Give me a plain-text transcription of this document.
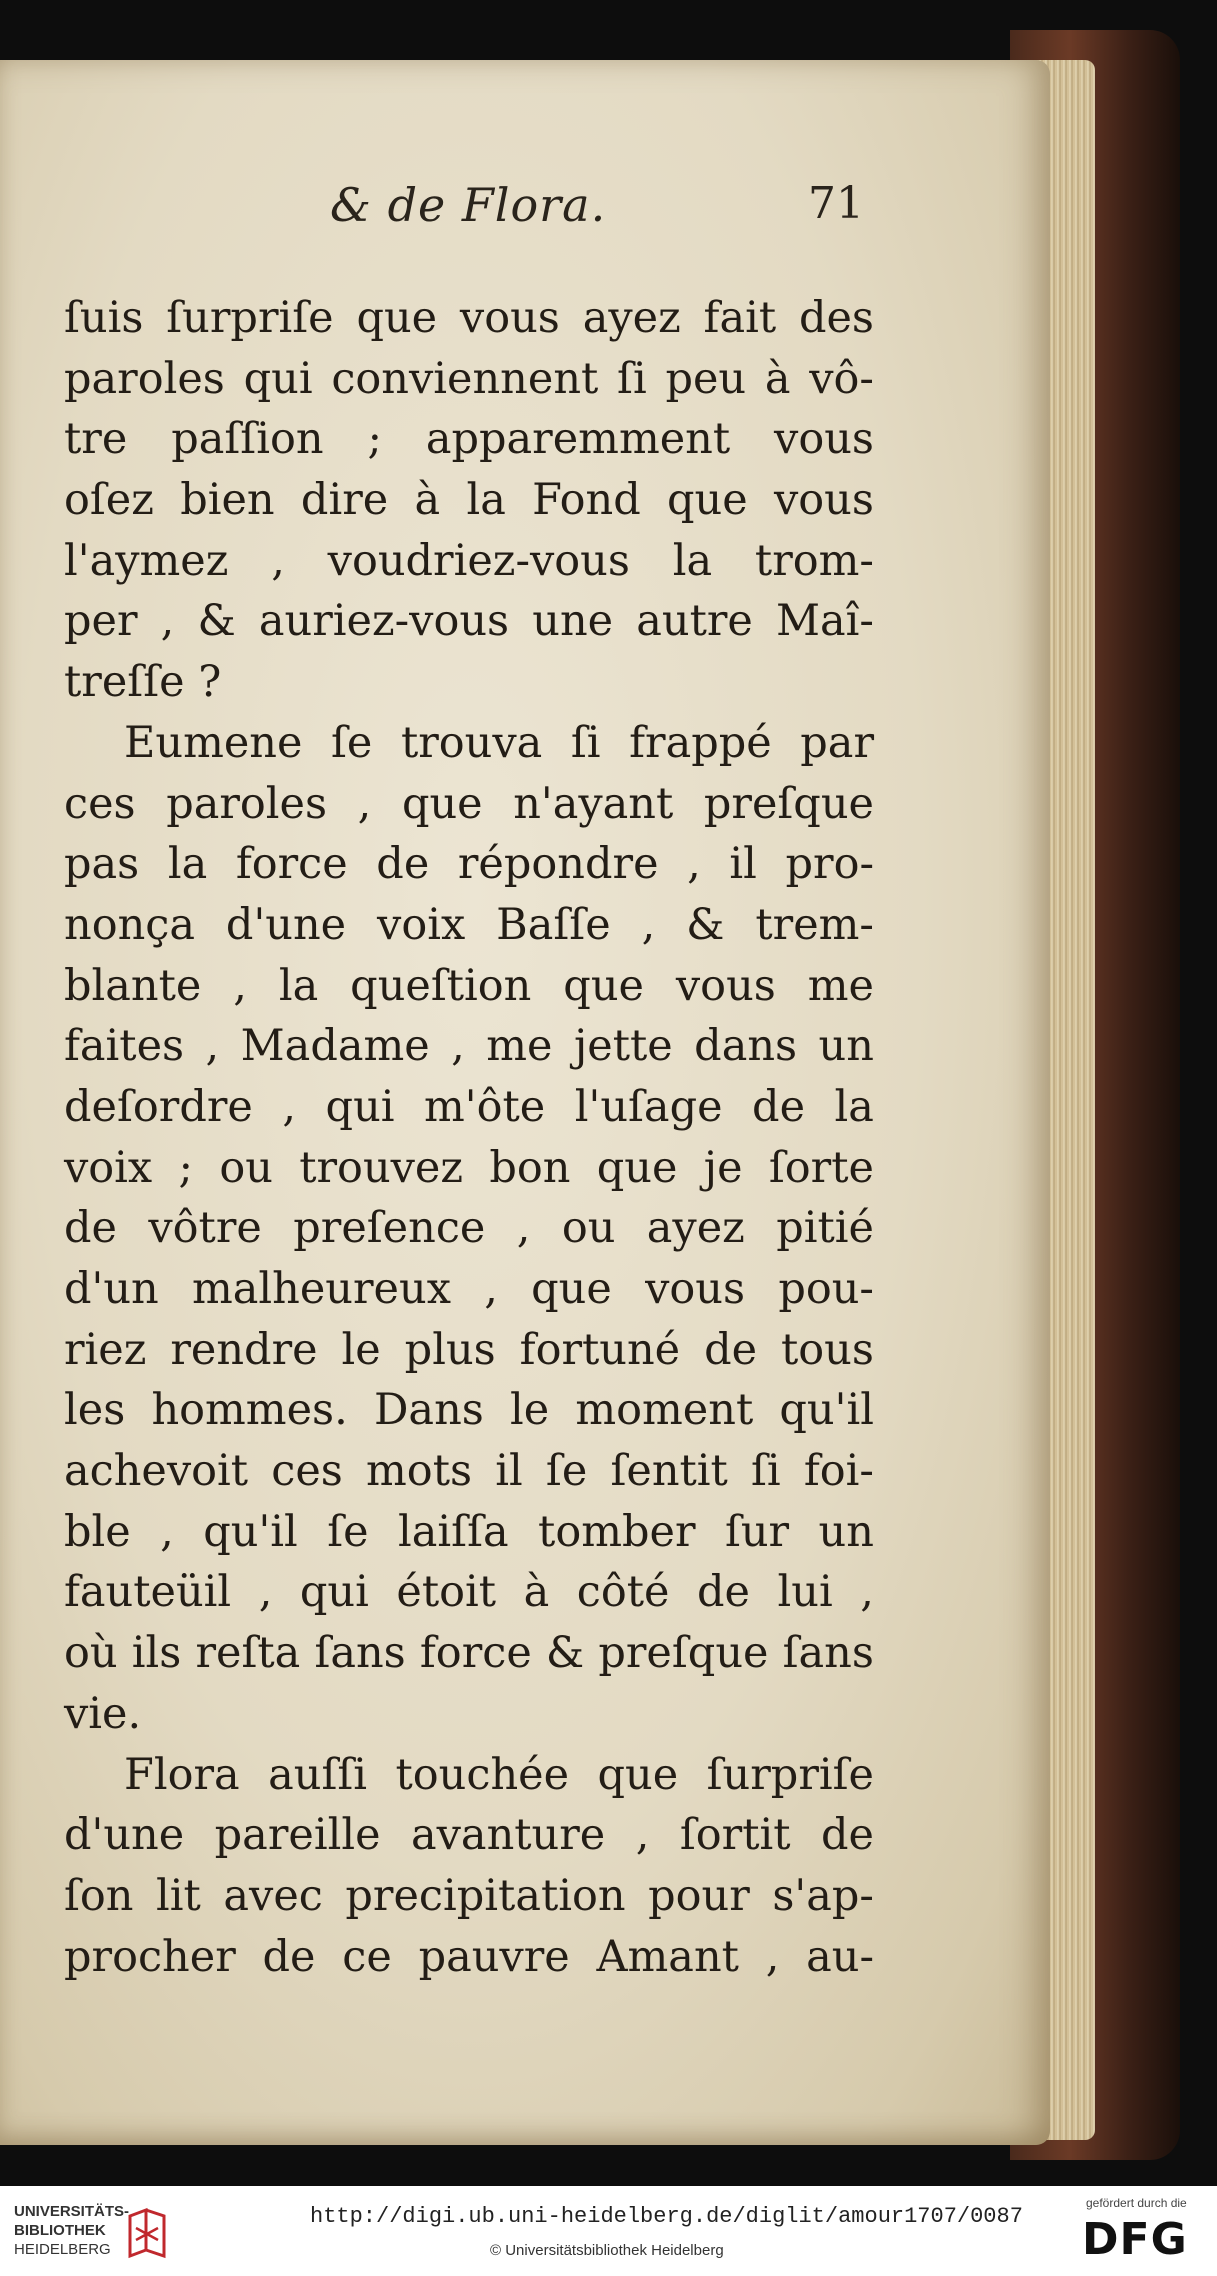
& de Flora.	71
ſuis ſurpriſe que vous ayez fait des
paroles qui conviennent ſi peu à vô-
tre paſſion ; apparemment vous
oſez bien dire à la Fond que vous
l'aymez , voudriez-vous la trom-
per , & auriez-vous une autre Maî-
treſſe ?
Eumene ſe trouva ſi frappé par
ces paroles , que n'ayant preſque
pas la force de répondre , il pro-
nonça d'une voix Baſſe , & trem-
blante , la queſtion que vous me
faites , Madame , me jette dans un
deſordre , qui m'ôte l'uſage de la
voix ; ou trouvez bon que je ſorte
de vôtre preſence , ou ayez pitié
d'un malheureux , que vous pou-
riez rendre le plus fortuné de tous
les hommes. Dans le moment qu'il
achevoit ces mots il ſe ſentit ſi foi-
ble , qu'il ſe laiſſa tomber ſur un
fauteüil , qui étoit à côté de lui ,
où ils reſta ſans force & preſque ſans
vie.
Flora auſſi touchée que ſurpriſe
d'une pareille avanture , ſortit de
ſon lit avec precipitation pour s'ap-
procher de ce pauvre Amant , au-
UNIVERSITÄTS-
BIBLIOTHEK
HEIDELBERG
http://digi.ub.uni-heidelberg.de/diglit/amour1707/0087
© Universitätsbibliothek Heidelberg
gefördert durch die
DFG
